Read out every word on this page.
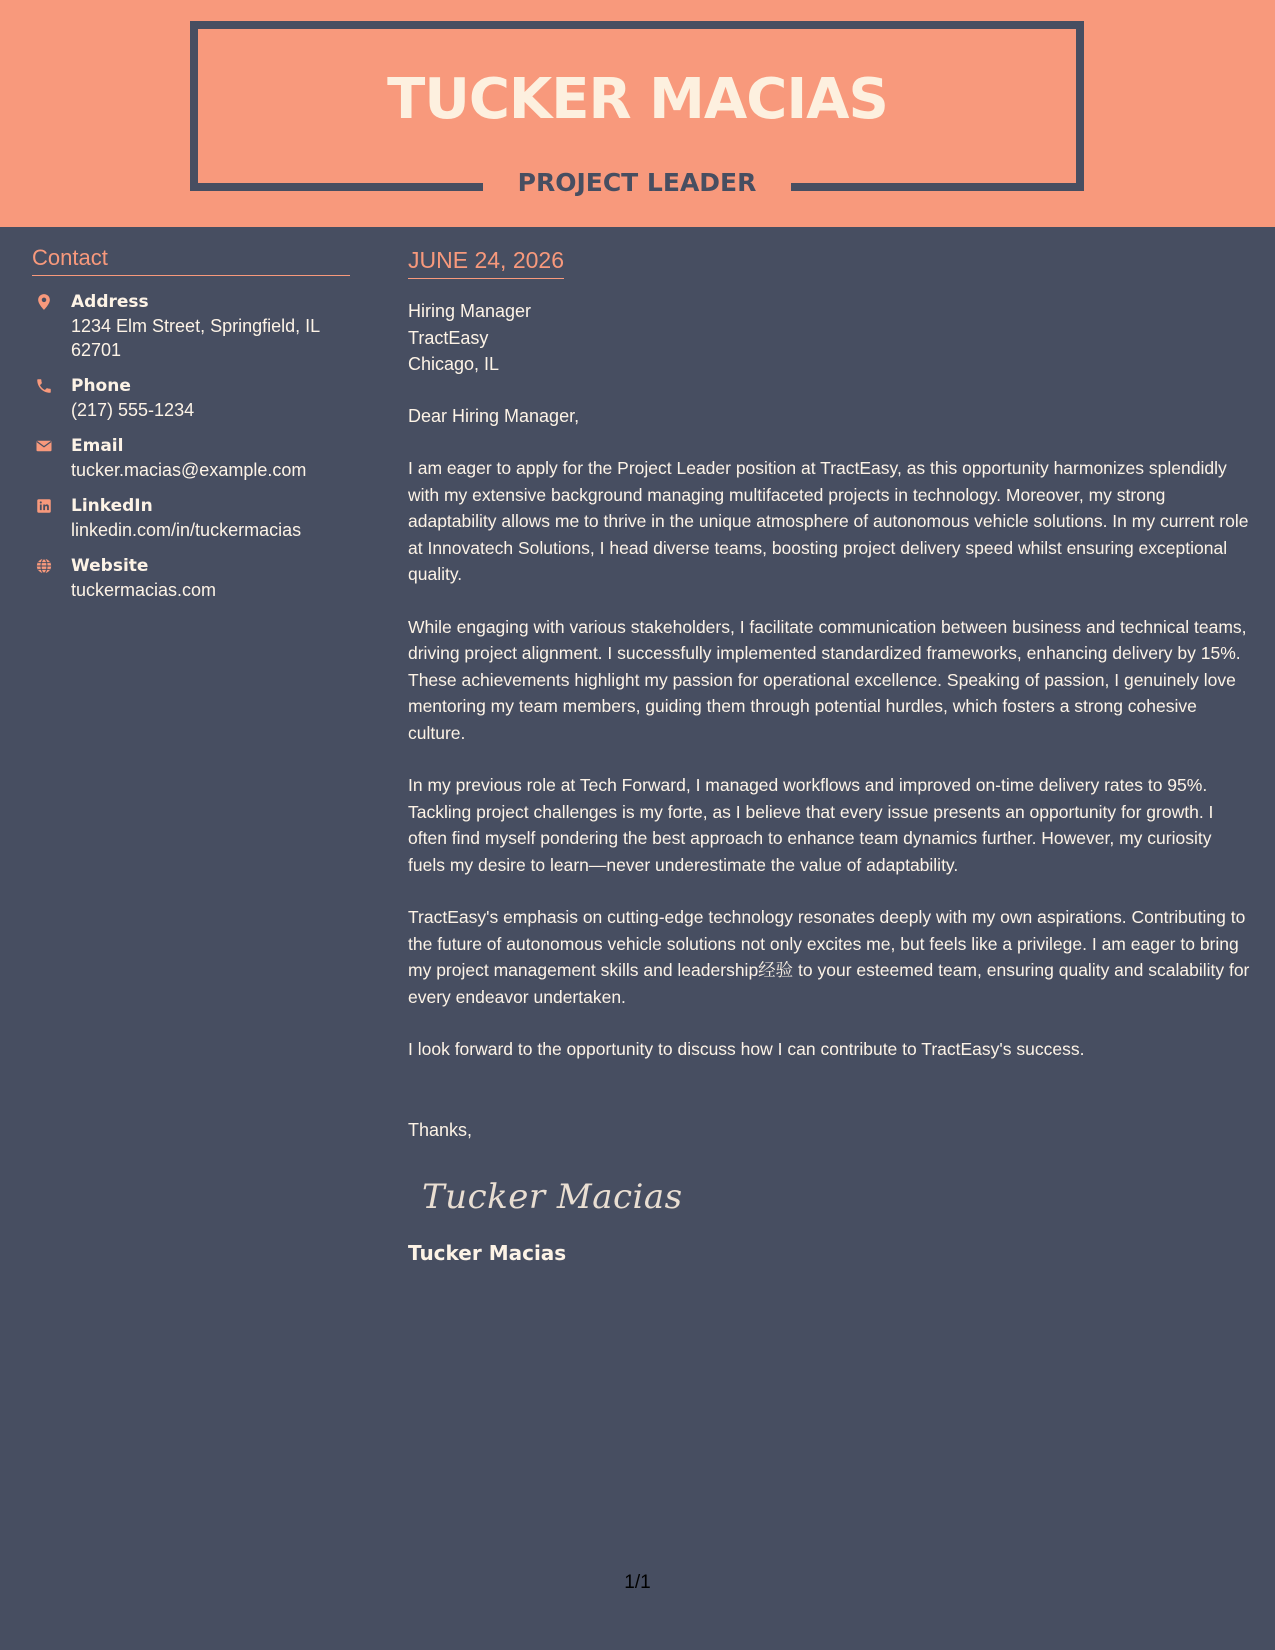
TUCKER MACIAS
PROJECT LEADER
Contact
Address
1234 Elm Street, Springfield, IL 62701
Phone
(217) 555-1234
Email
tucker.macias@example.com
LinkedIn
linkedin.com/in/tuckermacias
Website
tuckermacias.com
JUNE 24, 2026
Hiring Manager
TractEasy
Chicago, IL
Dear Hiring Manager,
I am eager to apply for the Project Leader position at TractEasy, as this opportunity harmonizes splendidly with my extensive background managing multifaceted projects in technology. Moreover, my strong adaptability allows me to thrive in the unique atmosphere of autonomous vehicle solutions. In my current role at Innovatech Solutions, I head diverse teams, boosting project delivery speed whilst ensuring exceptional quality.
While engaging with various stakeholders, I facilitate communication between business and technical teams, driving project alignment. I successfully implemented standardized frameworks, enhancing delivery by 15%. These achievements highlight my passion for operational excellence. Speaking of passion, I genuinely love mentoring my team members, guiding them through potential hurdles, which fosters a strong cohesive culture.
In my previous role at Tech Forward, I managed workflows and improved on-time delivery rates to 95%. Tackling project challenges is my forte, as I believe that every issue presents an opportunity for growth. I often find myself pondering the best approach to enhance team dynamics further. However, my curiosity fuels my desire to learn—never underestimate the value of adaptability.
TractEasy's emphasis on cutting-edge technology resonates deeply with my own aspirations. Contributing to the future of autonomous vehicle solutions not only excites me, but feels like a privilege. I am eager to bring my project management skills and leadership经验 to your esteemed team, ensuring quality and scalability for every endeavor undertaken.
I look forward to the opportunity to discuss how I can contribute to TractEasy's success.
Thanks,
Tucker Macias
Tucker Macias
1/1
